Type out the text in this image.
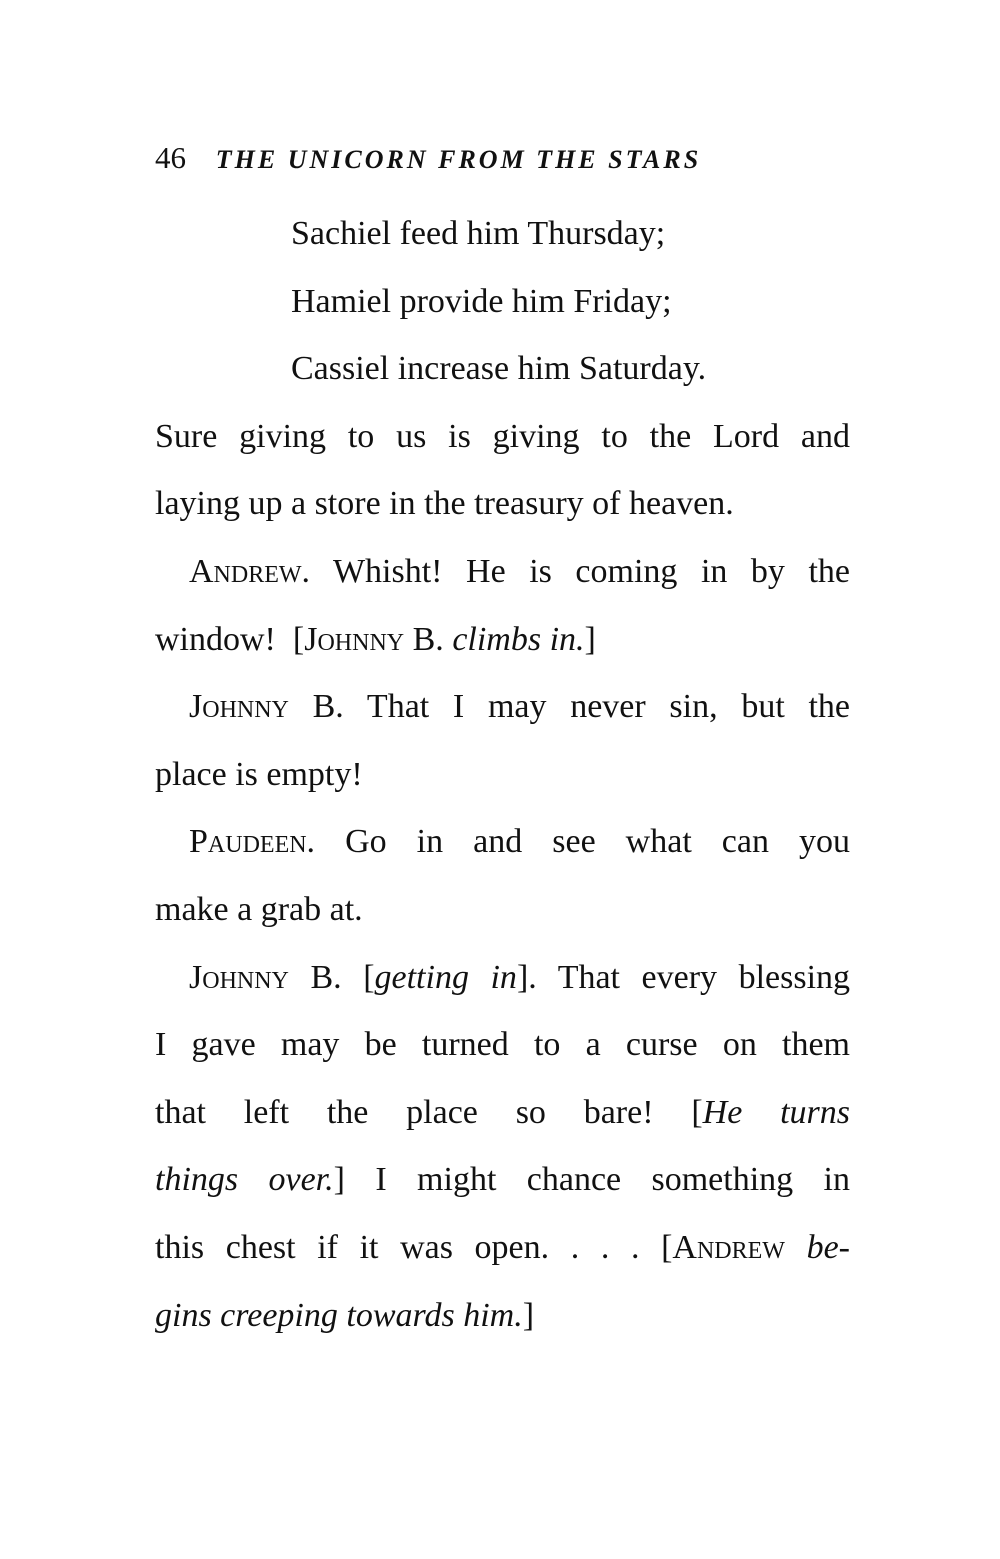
46 THE UNICORN FROM THE STARS
Sachiel feed him Thursday;
Hamiel provide him Friday;
Cassiel increase him Saturday.
Sure giving to us is giving to the Lord and
laying up a store in the treasury of heaven.
Andrew. Whisht! He is coming in by the
window! [Johnny B. climbs in.]
Johnny B. That I may never sin, but the
place is empty!
Paudeen. Go in and see what can you
make a grab at.
Johnny B. [getting in]. That every blessing
I gave may be turned to a curse on them
that left the place so bare! [He turns
things over.] I might chance something in
this chest if it was open. . . . [Andrew be-
gins creeping towards him.]
